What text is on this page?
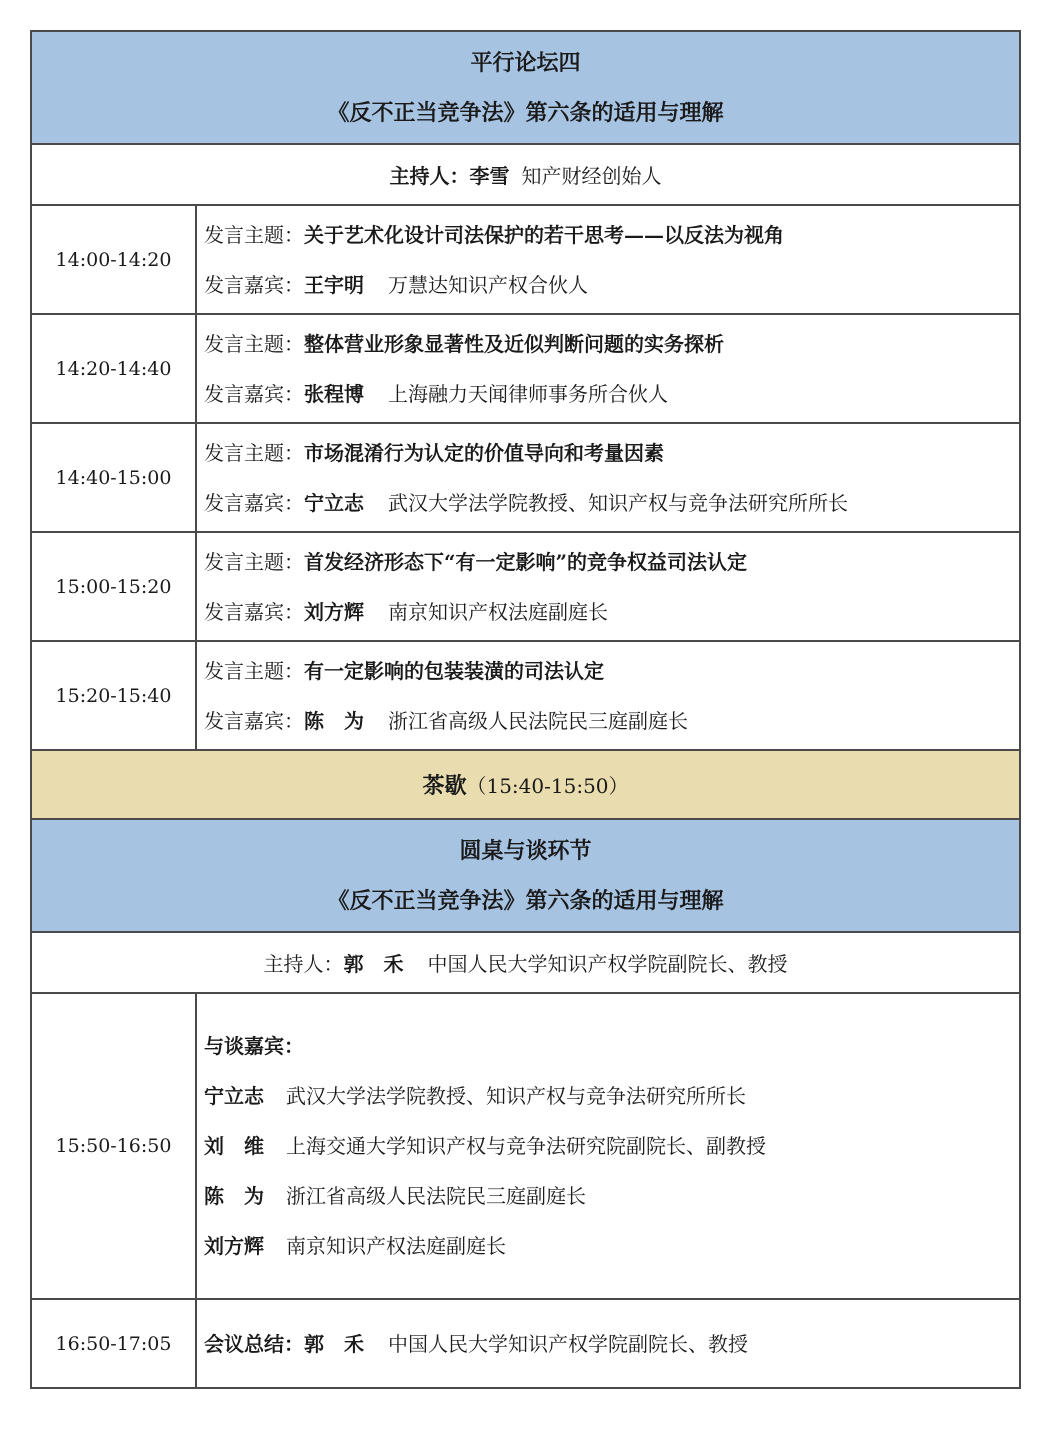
平行论坛四
《反不正当竞争法》第六条的适用与理解	

主持人：李雪 知产财经创始人	
14:00-14:20	发言主题：关于艺术化设计司法保护的若干思考——以反法为视角
发言嘉宾：王宇明 万慧达知识产权合伙人

14:20-14:40	发言主题：整体营业形象显著性及近似判断问题的实务探析
发言嘉宾：张程博 上海融力天闻律师事务所合伙人

14:40-15:00	发言主题：市场混淆行为认定的价值导向和考量因素
发言嘉宾：宁立志 武汉大学法学院教授、知识产权与竞争法研究所所长

15:00-15:20	发言主题：首发经济形态下“有一定影响”的竞争权益司法认定
发言嘉宾：刘方辉 南京知识产权法庭副庭长

15:20-15:40	发言主题：有一定影响的包装装潢的司法认定
发言嘉宾：陈　为 浙江省高级人民法院民三庭副庭长

茶歇（15:40-15:50）	

圆桌与谈环节
《反不正当竞争法》第六条的适用与理解	

主持人：郭　禾 中国人民大学知识产权学院副院长、教授	
15:50-16:50	与谈嘉宾：
宁立志 武汉大学法学院教授、知识产权与竞争法研究所所长
刘　维 上海交通大学知识产权与竞争法研究院副院长、副教授
陈　为 浙江省高级人民法院民三庭副庭长
刘方辉 南京知识产权法庭副庭长

16:50-17:05	会议总结：郭　禾 中国人民大学知识产权学院副院长、教授
